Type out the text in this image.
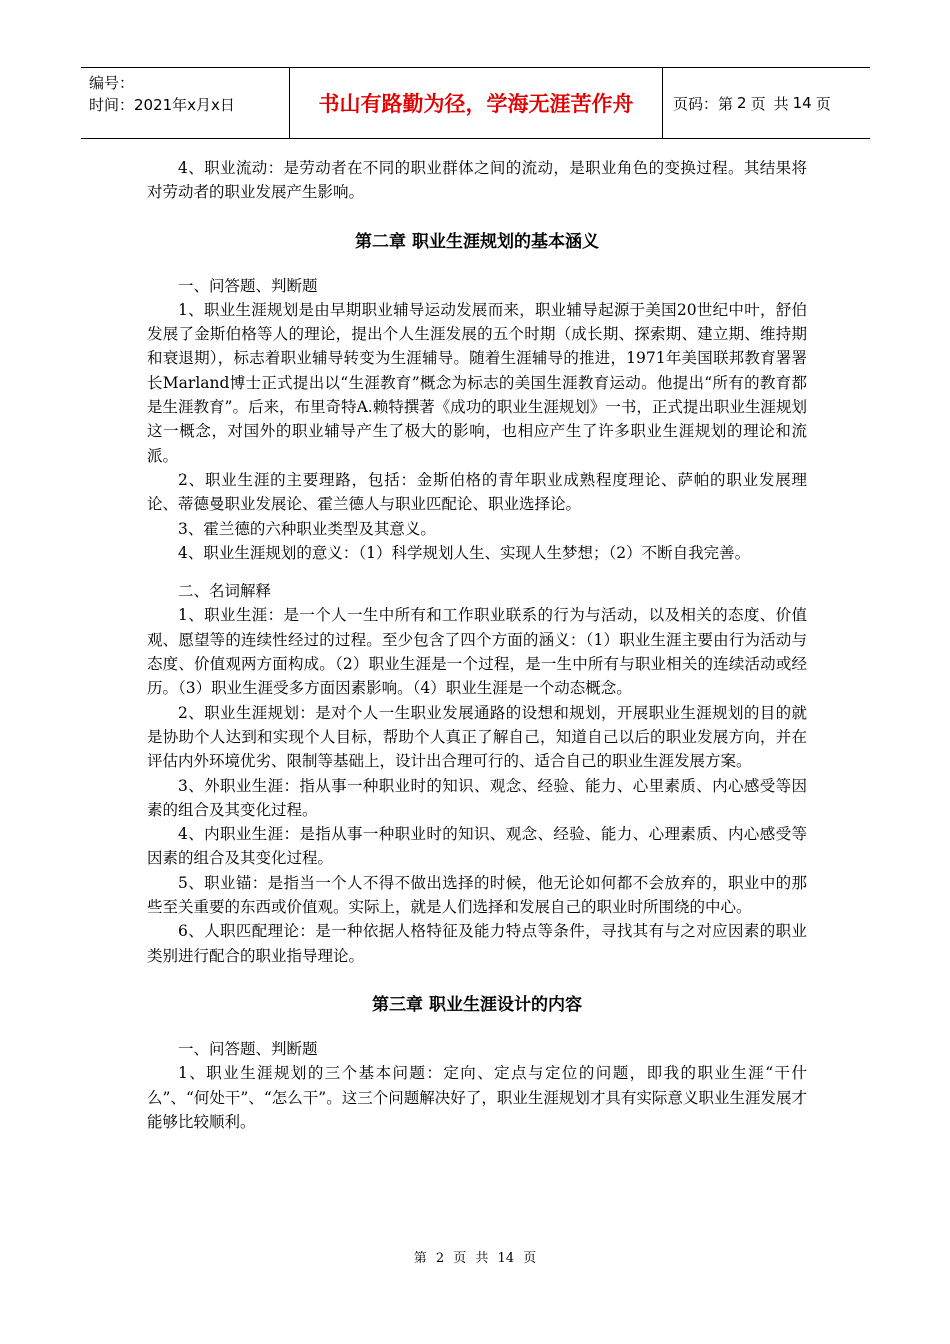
编号：
时间：2021年x月x日	书山有路勤为径，学海无涯苦作舟	页码：第 2 页 共 14 页

4、职业流动：是劳动者在不同的职业群体之间的流动，是职业角色的变换过程。其结果将对劳动者的职业发展产生影响。

第二章 职业生涯规划的基本涵义

一、问答题、判断题

1、职业生涯规划是由早期职业辅导运动发展而来，职业辅导起源于美国20世纪中叶，舒伯发展了金斯伯格等人的理论，提出个人生涯发展的五个时期（成长期、探索期、建立期、维持期和衰退期），标志着职业辅导转变为生涯辅导。随着生涯辅导的推进，1971年美国联邦教育署署长Marland博士正式提出以“生涯教育”概念为标志的美国生涯教育运动。他提出“所有的教育都是生涯教育”。后来，布里奇特A.赖特撰著《成功的职业生涯规划》一书，正式提出职业生涯规划这一概念，对国外的职业辅导产生了极大的影响，也相应产生了许多职业生涯规划的理论和流派。

2、职业生涯的主要理路，包括：金斯伯格的青年职业成熟程度理论、萨帕的职业发展理论、蒂德曼职业发展论、霍兰德人与职业匹配论、职业选择论。

3、霍兰德的六种职业类型及其意义。

4、职业生涯规划的意义：（1）科学规划人生、实现人生梦想；（2）不断自我完善。

二、名词解释

1、职业生涯：是一个人一生中所有和工作职业联系的行为与活动，以及相关的态度、价值观、愿望等的连续性经过的过程。至少包含了四个方面的涵义：（1）职业生涯主要由行为活动与态度、价值观两方面构成。（2）职业生涯是一个过程，是一生中所有与职业相关的连续活动或经历。（3）职业生涯受多方面因素影响。（4）职业生涯是一个动态概念。

2、职业生涯规划：是对个人一生职业发展通路的设想和规划，开展职业生涯规划的目的就是协助个人达到和实现个人目标，帮助个人真正了解自己，知道自己以后的职业发展方向，并在评估内外环境优劣、限制等基础上，设计出合理可行的、适合自己的职业生涯发展方案。

3、外职业生涯：指从事一种职业时的知识、观念、经验、能力、心里素质、内心感受等因素的组合及其变化过程。

4、内职业生涯：是指从事一种职业时的知识、观念、经验、能力、心理素质、内心感受等因素的组合及其变化过程。

5、职业锚：是指当一个人不得不做出选择的时候，他无论如何都不会放弃的，职业中的那些至关重要的东西或价值观。实际上，就是人们选择和发展自己的职业时所围绕的中心。

6、人职匹配理论：是一种依据人格特征及能力特点等条件，寻找其有与之对应因素的职业类别进行配合的职业指导理论。

第三章 职业生涯设计的内容

一、问答题、判断题

1、职业生涯规划的三个基本问题：定向、定点与定位的问题，即我的职业生涯“干什么”、“何处干”、“怎么干”。这三个问题解决好了，职业生涯规划才具有实际意义职业生涯发展才能够比较顺利。

第 2 页 共 14 页
